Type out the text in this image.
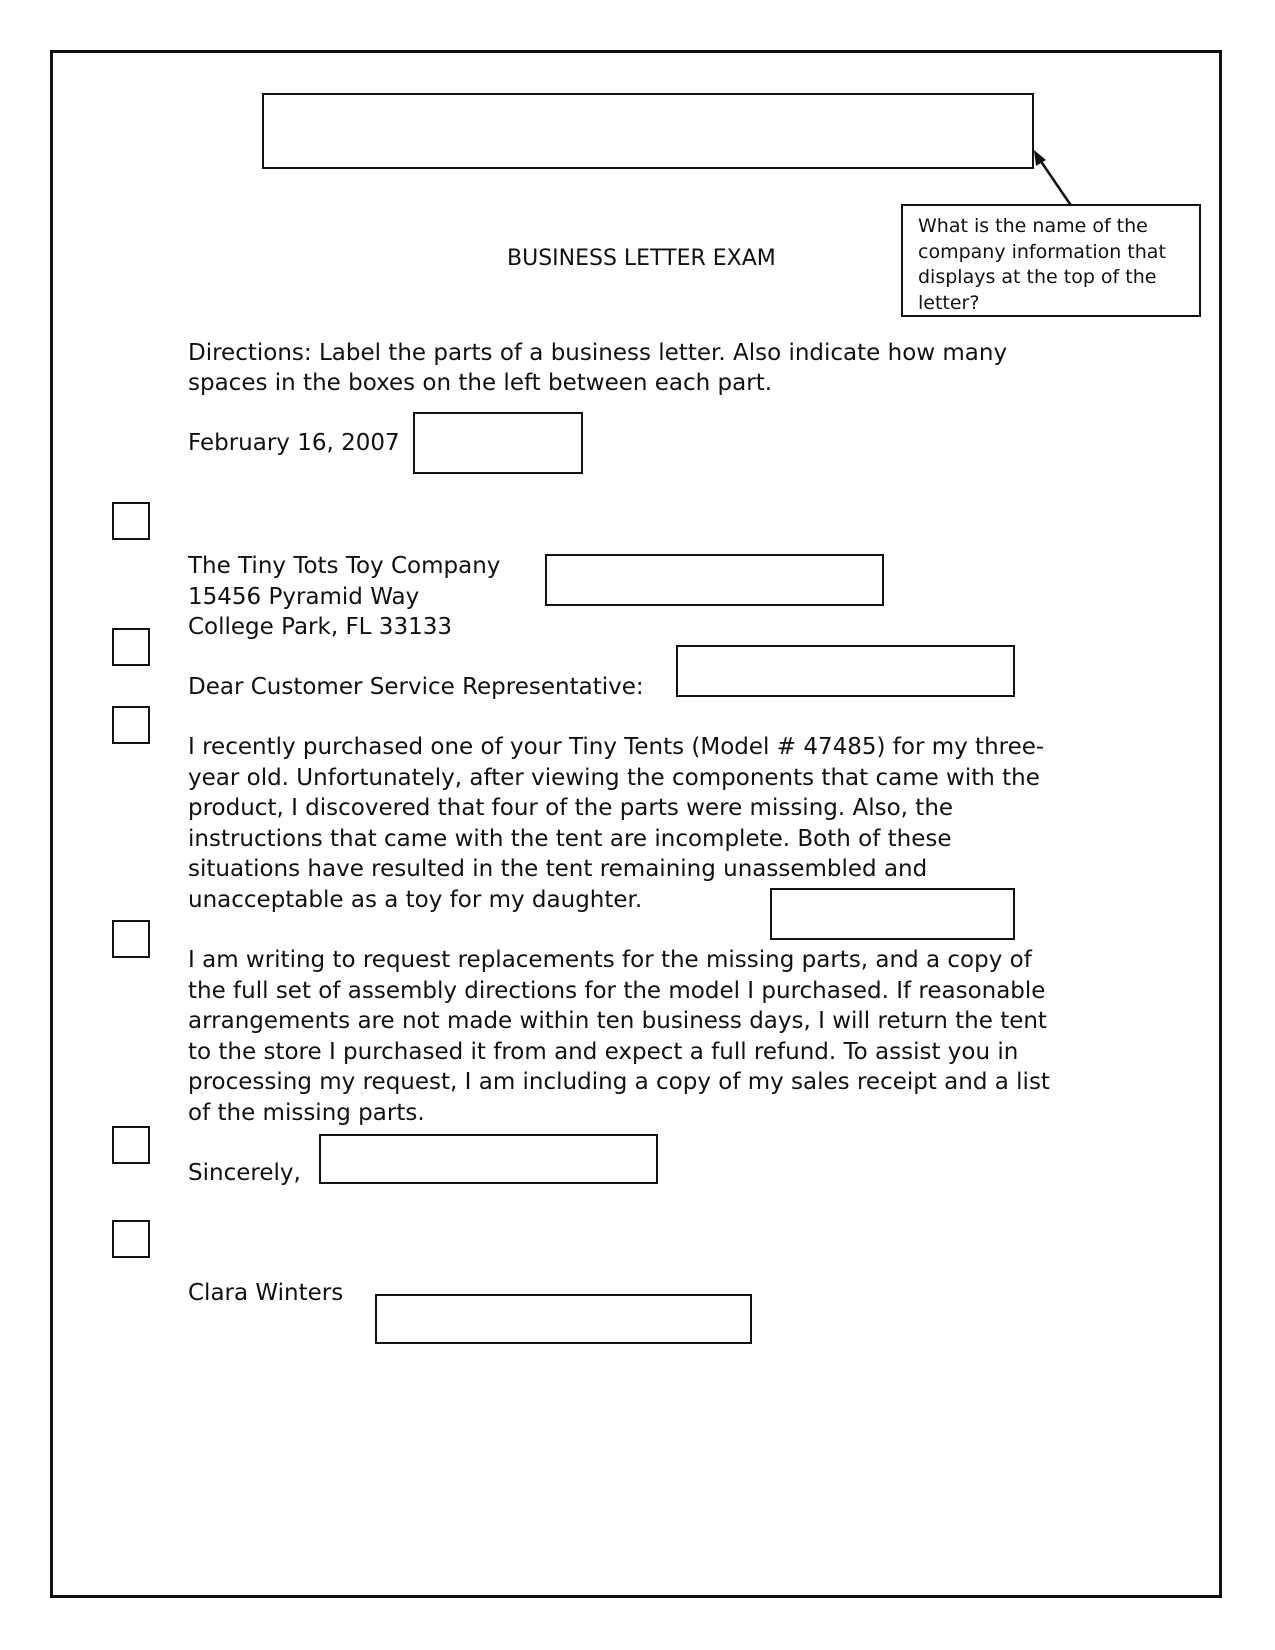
What is the name of the
company information that
displays at the top of the
letter?
BUSINESS LETTER EXAM
Directions: Label the parts of a business letter. Also indicate how many
spaces in the boxes on the left between each part.
February 16, 2007
The Tiny Tots Toy Company
15456 Pyramid Way
College Park, FL 33133
Dear Customer Service Representative:
I recently purchased one of your Tiny Tents (Model # 47485) for my three-
year old. Unfortunately, after viewing the components that came with the
product, I discovered that four of the parts were missing. Also, the
instructions that came with the tent are incomplete. Both of these
situations have resulted in the tent remaining unassembled and
unacceptable as a toy for my daughter.
I am writing to request replacements for the missing parts, and a copy of
the full set of assembly directions for the model I purchased. If reasonable
arrangements are not made within ten business days, I will return the tent
to the store I purchased it from and expect a full refund. To assist you in
processing my request, I am including a copy of my sales receipt and a list
of the missing parts.
Sincerely,
Clara Winters
